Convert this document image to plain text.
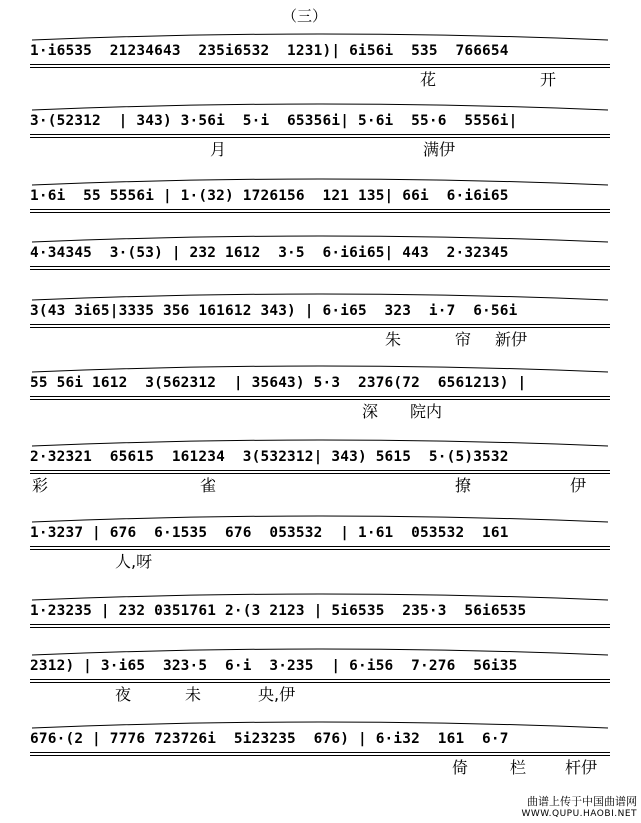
（三）
1·i6535  21234643  235i6532  1231)| 6i56i  535  766654
花	开
3·(52312  | 343) 3·56i  5·i  65356i| 5·6i  55·6  5556i|
月	满伊
1·6i  55 5556i | 1·(32) 1726156  121 135| 66i  6·i6i65
4·34345  3·(53) | 232 1612  3·5  6·i6i65| 443  2·32345
3(43 3i65|3335 356 161612 343) | 6·i65  323  i·7  6·56i
朱	帘 新伊
55 56i 1612  3(562312  | 35643) 5·3  2376(72  6561213) |
深 院内
2·32321  65615  161234  3(532312| 343) 5615  5·(5)3532
彩	雀	撩	伊
1·3237 | 676  6·1535  676  053532  | 1·61  053532  161
人,呀
1·23235 | 232 0351761 2·(3 2123 | 5i6535  235·3  56i6535
2312) | 3·i65  323·5  6·i  3·235  | 6·i56  7·276  56i35
夜	未	央,伊
676·(2 | 7776 723726i  5i23235  676) | 6·i32  161  6·7
倚	栏 杆伊
曲谱上传于中国曲谱网
WWW.QUPU.HAOBI.NET
